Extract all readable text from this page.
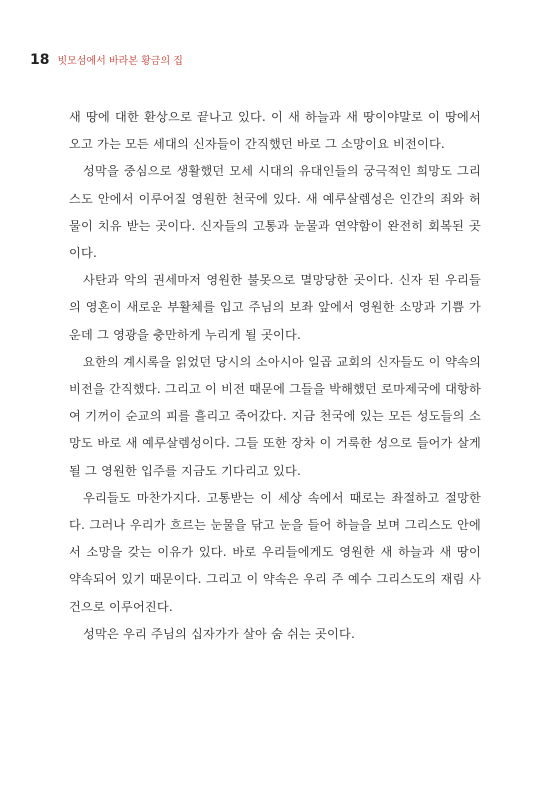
18 빗모섬에서 바라본 황금의 집

새 땅에 대한 환상으로 끝나고 있다. 이 새 하늘과 새 땅이야말로 이 땅에서 오고 가는 모든 세대의 신자들이 간직했던 바로 그 소망이요 비전이다.

성막을 중심으로 생활했던 모세 시대의 유대인들의 궁극적인 희망도 그리스도 안에서 이루어질 영원한 천국에 있다. 새 예루살렘성은 인간의 죄와 허물이 치유 받는 곳이다. 신자들의 고통과 눈물과 연약함이 완전히 회복된 곳이다.

사탄과 악의 권세마저 영원한 불못으로 멸망당한 곳이다. 신자 된 우리들의 영혼이 새로운 부활체를 입고 주님의 보좌 앞에서 영원한 소망과 기쁨 가운데 그 영광을 충만하게 누리게 될 곳이다.

요한의 계시록을 읽었던 당시의 소아시아 일곱 교회의 신자들도 이 약속의 비전을 간직했다. 그리고 이 비전 때문에 그들을 박해했던 로마제국에 대항하여 기꺼이 순교의 피를 흘리고 죽어갔다. 지금 천국에 있는 모든 성도들의 소망도 바로 새 예루살렘성이다. 그들 또한 장차 이 거룩한 성으로 들어가 살게 될 그 영원한 입주를 지금도 기다리고 있다.

우리들도 마찬가지다. 고통받는 이 세상 속에서 때로는 좌절하고 절망한다. 그러나 우리가 흐르는 눈물을 닦고 눈을 들어 하늘을 보며 그리스도 안에서 소망을 갖는 이유가 있다. 바로 우리들에게도 영원한 새 하늘과 새 땅이 약속되어 있기 때문이다. 그리고 이 약속은 우리 주 예수 그리스도의 재림 사건으로 이루어진다.

성막은 우리 주님의 십자가가 살아 숨 쉬는 곳이다.
